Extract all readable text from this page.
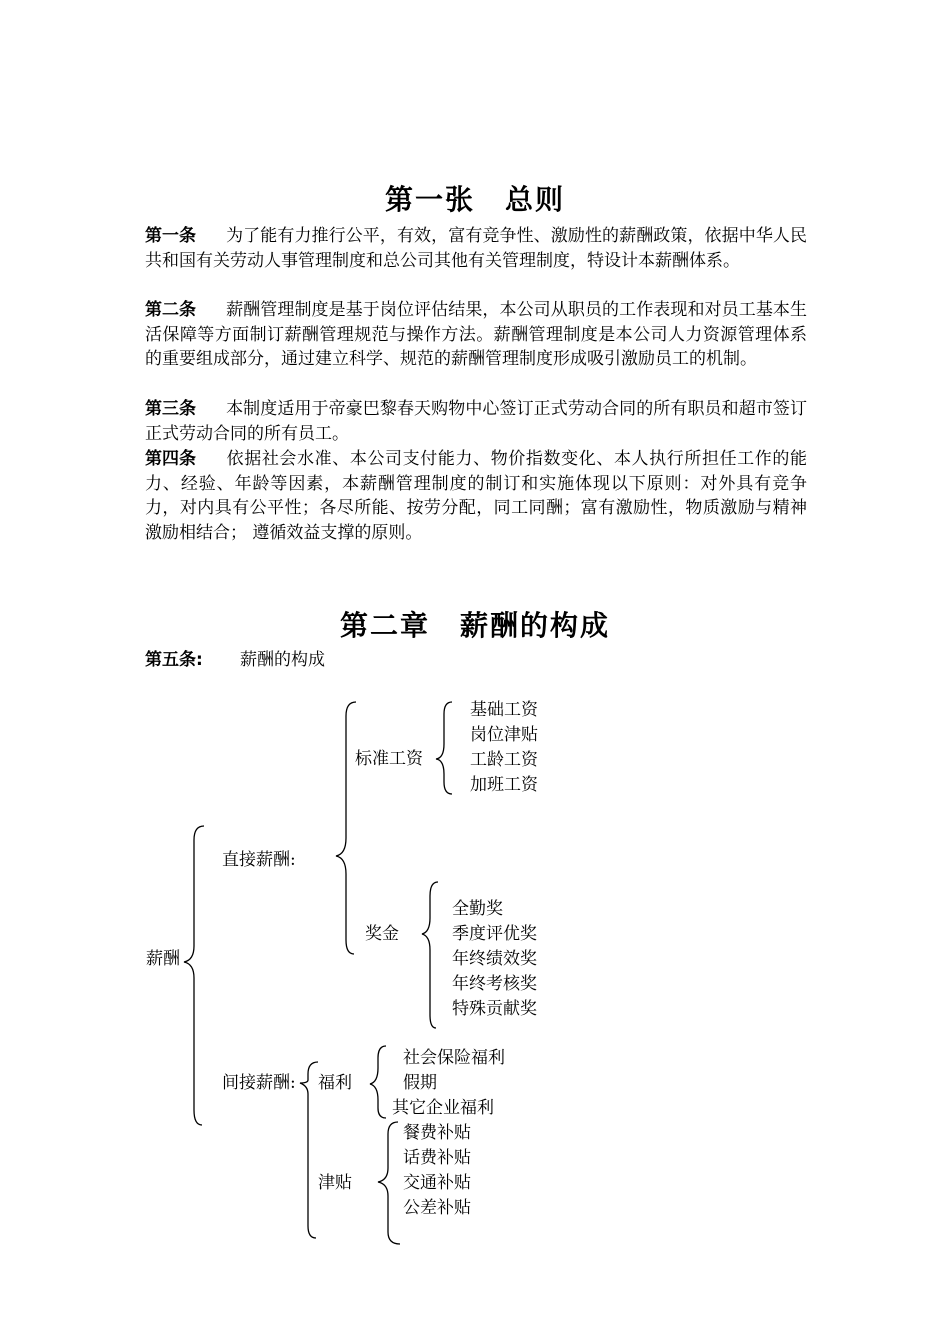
第一张 总则
第一条 为了能有力推行公平，有效，富有竞争性、激励性的薪酬政策，依据中华人民共和国有关劳动人事管理制度和总公司其他有关管理制度，特设计本薪酬体系。
第二条 薪酬管理制度是基于岗位评估结果，本公司从职员的工作表现和对员工基本生活保障等方面制订薪酬管理规范与操作方法。薪酬管理制度是本公司人力资源管理体系的重要组成部分，通过建立科学、规范的薪酬管理制度形成吸引激励员工的机制。
第三条 本制度适用于帝豪巴黎春天购物中心签订正式劳动合同的所有职员和超市签订正式劳动合同的所有员工。
第四条 依据社会水准、本公司支付能力、物价指数变化、本人执行所担任工作的能力、经验、年龄等因素，本薪酬管理制度的制订和实施体现以下原则：对外具有竞争力，对内具有公平性；各尽所能、按劳分配，同工同酬；富有激励性，物质激励与精神激励相结合； 遵循效益支撑的原则。
第二章 薪酬的构成
第五条: 薪酬的构成
薪酬
直接薪酬:
标准工资
基础工资
岗位津贴
工龄工资
加班工资
奖金
全勤奖
季度评优奖
年终绩效奖
年终考核奖
特殊贡献奖
间接薪酬: 福利
社会保险福利
假期
其它企业福利
津贴
餐费补贴
话费补贴
交通补贴
公差补贴
